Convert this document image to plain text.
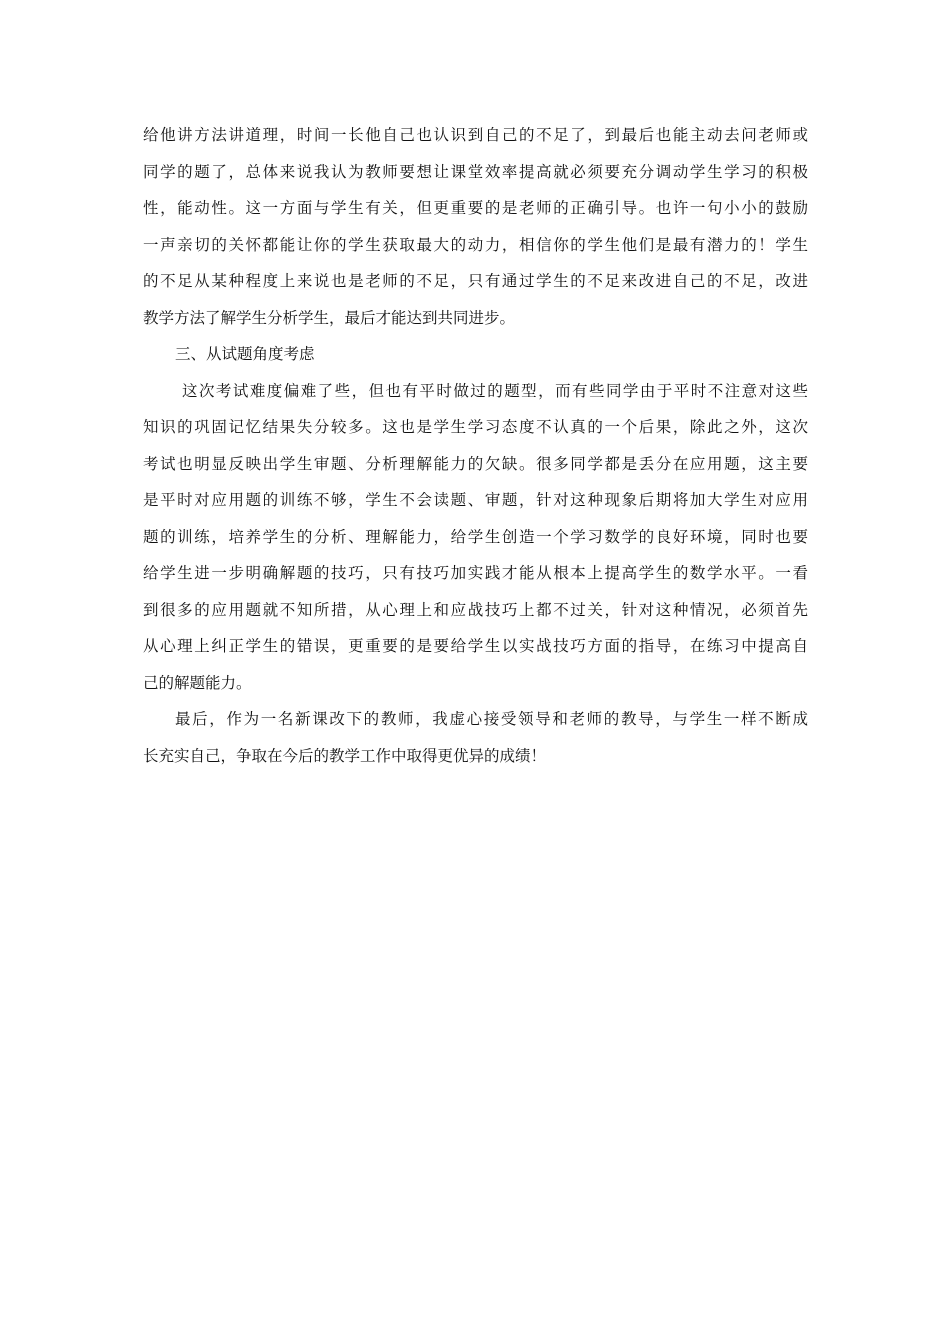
给他讲方法讲道理，时间一长他自己也认识到自己的不足了，到最后也能主动去问老师或
同学的题了，总体来说我认为教师要想让课堂效率提高就必须要充分调动学生学习的积极
性，能动性。这一方面与学生有关，但更重要的是老师的正确引导。也许一句小小的鼓励
一声亲切的关怀都能让你的学生获取最大的动力，相信你的学生他们是最有潜力的！学生
的不足从某种程度上来说也是老师的不足，只有通过学生的不足来改进自己的不足，改进
教学方法了解学生分析学生，最后才能达到共同进步。
三、从试题角度考虑
这次考试难度偏难了些，但也有平时做过的题型，而有些同学由于平时不注意对这些
知识的巩固记忆结果失分较多。这也是学生学习态度不认真的一个后果，除此之外，这次
考试也明显反映出学生审题、分析理解能力的欠缺。很多同学都是丢分在应用题，这主要
是平时对应用题的训练不够，学生不会读题、审题，针对这种现象后期将加大学生对应用
题的训练，培养学生的分析、理解能力，给学生创造一个学习数学的良好环境，同时也要
给学生进一步明确解题的技巧，只有技巧加实践才能从根本上提高学生的数学水平。一看
到很多的应用题就不知所措，从心理上和应战技巧上都不过关，针对这种情况，必须首先
从心理上纠正学生的错误，更重要的是要给学生以实战技巧方面的指导，在练习中提高自
己的解题能力。
最后，作为一名新课改下的教师，我虚心接受领导和老师的教导，与学生一样不断成
长充实自己，争取在今后的教学工作中取得更优异的成绩！
